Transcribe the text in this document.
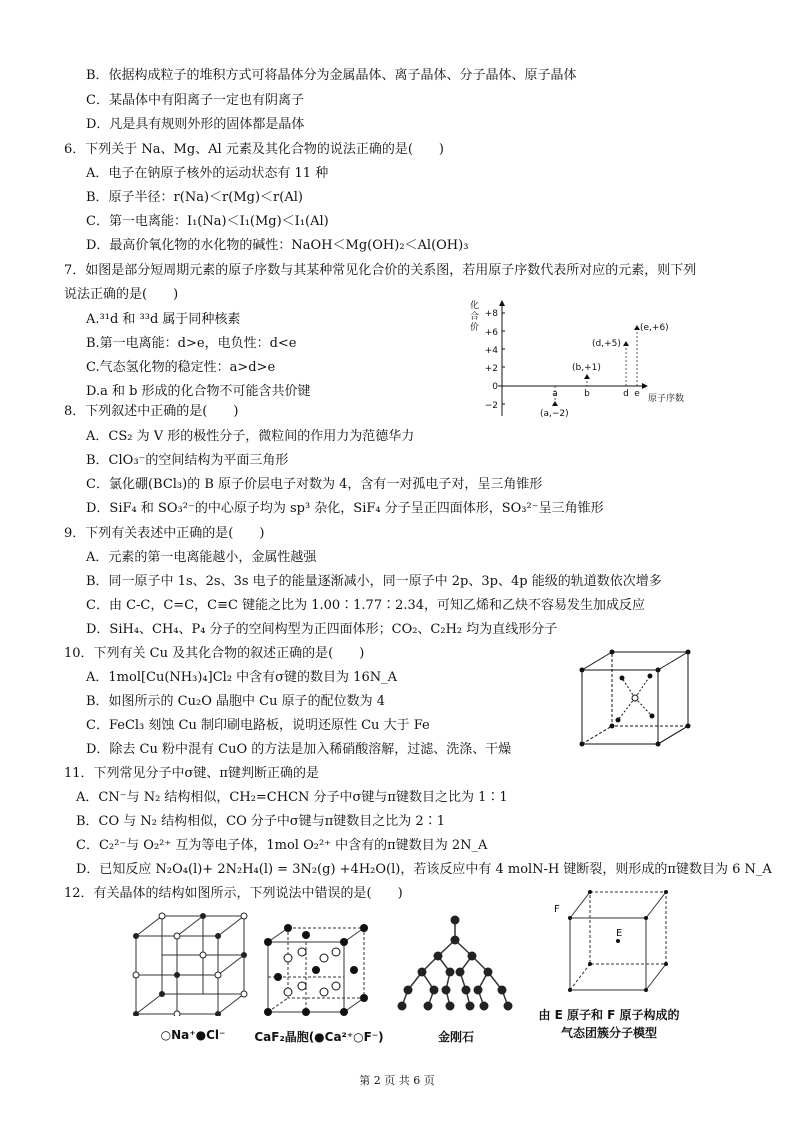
B．依据构成粒子的堆积方式可将晶体分为金属晶体、离子晶体、分子晶体、原子晶体
C．某晶体中有阳离子一定也有阴离子
D．凡是具有规则外形的固体都是晶体
6．下列关于 Na、Mg、Al 元素及其化合物的说法正确的是(　　)
A．电子在钠原子核外的运动状态有 11 种
B．原子半径：r(Na)＜r(Mg)＜r(Al)
C．第一电离能：I₁(Na)＜I₁(Mg)＜I₁(Al)
D．最高价氧化物的水化物的碱性：NaOH＜Mg(OH)₂＜Al(OH)₃
7．如图是部分短周期元素的原子序数与其某种常见化合价的关系图，若用原子序数代表所对应的元素，则下列
说法正确的是(　　)
A.³¹d 和 ³³d 属于同种核素
B.第一电离能：d>e，电负性：d<e
C.气态氢化物的稳定性：a>d>e
D.a 和 b 形成的化合物不可能含共价键
8．下列叙述中正确的是(　　)
A．CS₂ 为 V 形的极性分子，微粒间的作用力为范德华力
B．ClO₃⁻的空间结构为平面三角形
C．氯化硼(BCl₃)的 B 原子价层电子对数为 4，含有一对孤电子对，呈三角锥形
D．SiF₄ 和 SO₃²⁻的中心原子均为 sp³ 杂化，SiF₄ 分子呈正四面体形，SO₃²⁻呈三角锥形
9．下列有关表述中正确的是(　　)
A．元素的第一电离能越小，金属性越强
B．同一原子中 1s、2s、3s 电子的能量逐渐减小，同一原子中 2p、3p、4p 能级的轨道数依次增多
C．由 C-C，C=C，C≡C 键能之比为 1.00∶1.77∶2.34，可知乙烯和乙炔不容易发生加成反应
D．SiH₄、CH₄、P₄ 分子的空间构型为正四面体形；CO₂、C₂H₂ 均为直线形分子
10．下列有关 Cu 及其化合物的叙述正确的是(　　)
A．1mol[Cu(NH₃)₄]Cl₂ 中含有σ键的数目为 16N_A
B．如图所示的 Cu₂O 晶胞中 Cu 原子的配位数为 4
C．FeCl₃ 刻蚀 Cu 制印刷电路板，说明还原性 Cu 大于 Fe
D．除去 Cu 粉中混有 CuO 的方法是加入稀硝酸溶解，过滤、洗涤、干燥
11．下列常见分子中σ键、π键判断正确的是
A．CN⁻与 N₂ 结构相似，CH₂=CHCN 分子中σ键与π键数目之比为 1∶1
B．CO 与 N₂ 结构相似，CO 分子中σ键与π键数目之比为 2∶1
C．C₂²⁻与 O₂²⁺ 互为等电子体，1mol O₂²⁺ 中含有的π键数目为 2N_A
D．已知反应 N₂O₄(l)+ 2N₂H₄(l) = 3N₂(g) +4H₂O(l)，若该反应中有 4 molN-H 键断裂，则形成的π键数目为 6 N_A
12．有关晶体的结构如图所示，下列说法中错误的是(　　)
化
合
价
+8
+6
+4
+2
0
−2
a	b	d e 原子序数
(a,−2)
(b,+1)
(d,+5)
(e,+6)
○Na⁺●Cl⁻	CaF₂晶胞(●Ca²⁺○F⁻)	金刚石
F
E
由 E 原子和 F 原子构成的
气态团簇分子模型
第 2 页 共 6 页
